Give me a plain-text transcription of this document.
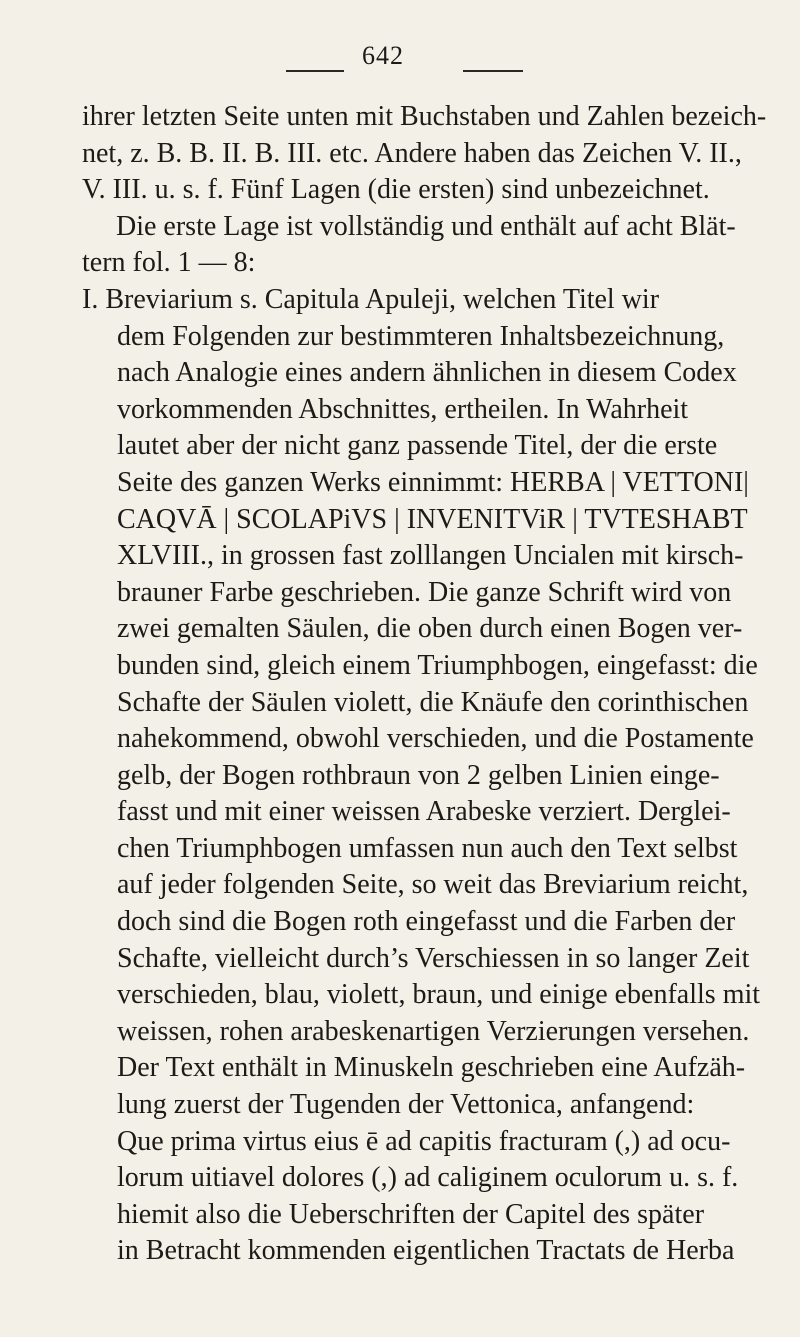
642
ihrer letzten Seite unten mit Buchstaben und Zahlen bezeich-
net, z. B. B. II. B. III. etc. Andere haben das Zeichen V. II.,
V. III. u. s. f. Fünf Lagen (die ersten) sind unbezeichnet.
Die erste Lage ist vollständig und enthält auf acht Blät-
tern fol. 1 — 8:
I. Breviarium s. Capitula Apuleji, welchen Titel wir
dem Folgenden zur bestimmteren Inhaltsbezeichnung,
nach Analogie eines andern ähnlichen in diesem Codex
vorkommenden Abschnittes, ertheilen. In Wahrheit
lautet aber der nicht ganz passende Titel, der die erste
Seite des ganzen Werks einnimmt: HERBA | VETTONI|
CAQVĀ | SCOLAPiVS | INVENITViR | TVTESHABT
XLVIII., in grossen fast zolllangen Uncialen mit kirsch-
brauner Farbe geschrieben. Die ganze Schrift wird von
zwei gemalten Säulen, die oben durch einen Bogen ver-
bunden sind, gleich einem Triumphbogen, eingefasst: die
Schafte der Säulen violett, die Knäufe den corinthischen
nahekommend, obwohl verschieden, und die Postamente
gelb, der Bogen rothbraun von 2 gelben Linien einge-
fasst und mit einer weissen Arabeske verziert. Derglei-
chen Triumphbogen umfassen nun auch den Text selbst
auf jeder folgenden Seite, so weit das Breviarium reicht,
doch sind die Bogen roth eingefasst und die Farben der
Schafte, vielleicht durch’s Verschiessen in so langer Zeit
verschieden, blau, violett, braun, und einige ebenfalls mit
weissen, rohen arabeskenartigen Verzierungen versehen.
Der Text enthält in Minuskeln geschrieben eine Aufzäh-
lung zuerst der Tugenden der Vettonica, anfangend:
Que prima virtus eius ē ad capitis fracturam (,) ad ocu-
lorum uitiavel dolores (,) ad caliginem oculorum u. s. f.
hiemit also die Ueberschriften der Capitel des später
in Betracht kommenden eigentlichen Tractats de Herba
